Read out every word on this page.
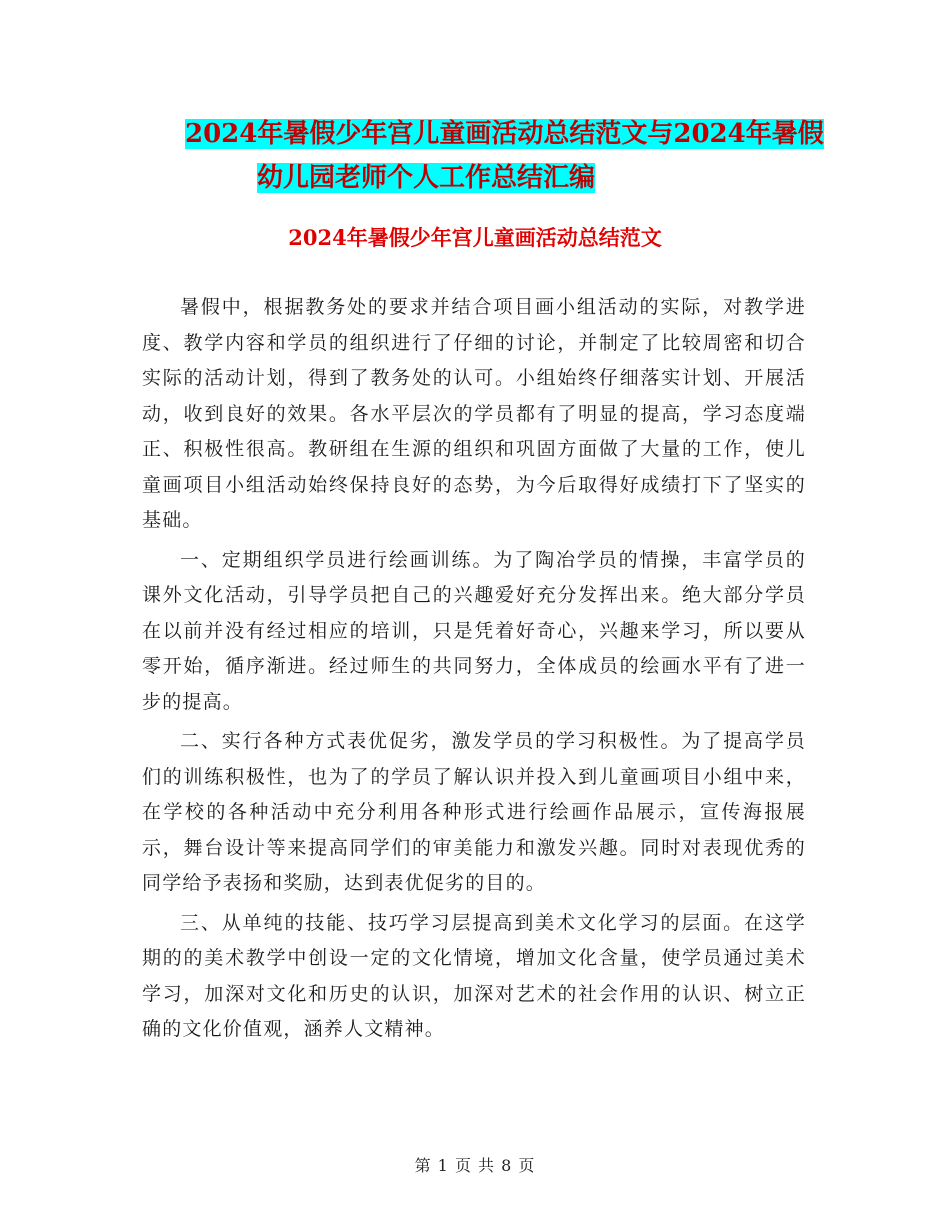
2024年暑假少年宫儿童画活动总结范文与2024年暑假
幼儿园老师个人工作总结汇编
2024年暑假少年宫儿童画活动总结范文

暑假中，根据教务处的要求并结合项目画小组活动的实际，对教学进度、教学内容和学员的组织进行了仔细的讨论，并制定了比较周密和切合实际的活动计划，得到了教务处的认可。小组始终仔细落实计划、开展活动，收到良好的效果。各水平层次的学员都有了明显的提高，学习态度端正、积极性很高。教研组在生源的组织和巩固方面做了大量的工作，使儿童画项目小组活动始终保持良好的态势，为今后取得好成绩打下了坚实的基础。

一、定期组织学员进行绘画训练。为了陶冶学员的情操，丰富学员的课外文化活动，引导学员把自己的兴趣爱好充分发挥出来。绝大部分学员在以前并没有经过相应的培训，只是凭着好奇心，兴趣来学习，所以要从零开始，循序渐进。经过师生的共同努力，全体成员的绘画水平有了进一步的提高。

二、实行各种方式表优促劣，激发学员的学习积极性。为了提高学员们的训练积极性，也为了的学员了解认识并投入到儿童画项目小组中来，在学校的各种活动中充分利用各种形式进行绘画作品展示，宣传海报展示，舞台设计等来提高同学们的审美能力和激发兴趣。同时对表现优秀的同学给予表扬和奖励，达到表优促劣的目的。

三、从单纯的技能、技巧学习层提高到美术文化学习的层面。在这学期的的美术教学中创设一定的文化情境，增加文化含量，使学员通过美术学习，加深对文化和历史的认识，加深对艺术的社会作用的认识、树立正确的文化价值观，涵养人文精神。

第 1 页 共 8 页
